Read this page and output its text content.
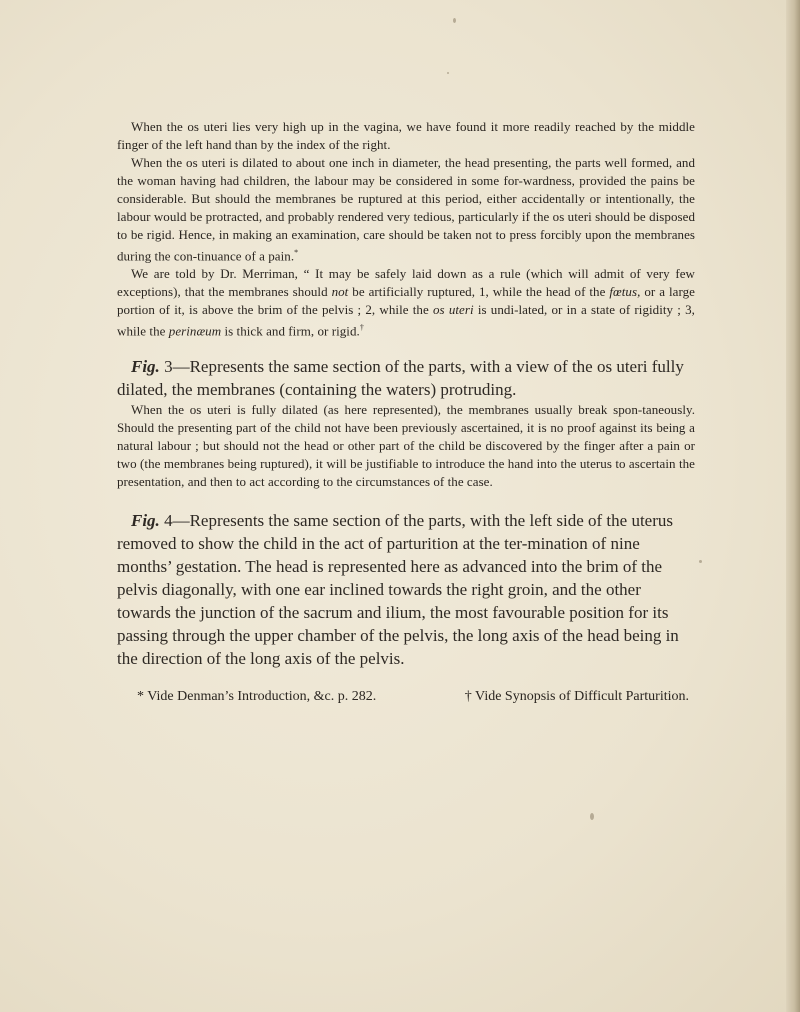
When the os uteri lies very high up in the vagina, we have found it more readily reached by the middle finger of the left hand than by the index of the right.

When the os uteri is dilated to about one inch in diameter, the head presenting, the parts well formed, and the woman having had children, the labour may be considered in some for-wardness, provided the pains be considerable. But should the membranes be ruptured at this period, either accidentally or intentionally, the labour would be protracted, and probably rendered very tedious, particularly if the os uteri should be disposed to be rigid. Hence, in making an examination, care should be taken not to press forcibly upon the membranes during the con-tinuance of a pain.*

We are told by Dr. Merriman, “ It may be safely laid down as a rule (which will admit of very few exceptions), that the membranes should not be artificially ruptured, 1, while the head of the fœtus, or a large portion of it, is above the brim of the pelvis ; 2, while the os uteri is undi-lated, or in a state of rigidity ; 3, while the perinæum is thick and firm, or rigid.†

Fig. 3—Represents the same section of the parts, with a view of the os uteri fully dilated, the membranes (containing the waters) protruding.

When the os uteri is fully dilated (as here represented), the membranes usually break spon-taneously. Should the presenting part of the child not have been previously ascertained, it is no proof against its being a natural labour ; but should not the head or other part of the child be discovered by the finger after a pain or two (the membranes being ruptured), it will be justifiable to introduce the hand into the uterus to ascertain the presentation, and then to act according to the circumstances of the case.

Fig. 4—Represents the same section of the parts, with the left side of the uterus removed to show the child in the act of parturition at the ter-mination of nine months’ gestation. The head is represented here as advanced into the brim of the pelvis diagonally, with one ear inclined towards the right groin, and the other towards the junction of the sacrum and ilium, the most favourable position for its passing through the upper chamber of the pelvis, the long axis of the head being in the direction of the long axis of the pelvis.

* Vide Denman’s Introduction, &c. p. 282.	† Vide Synopsis of Difficult Parturition.
